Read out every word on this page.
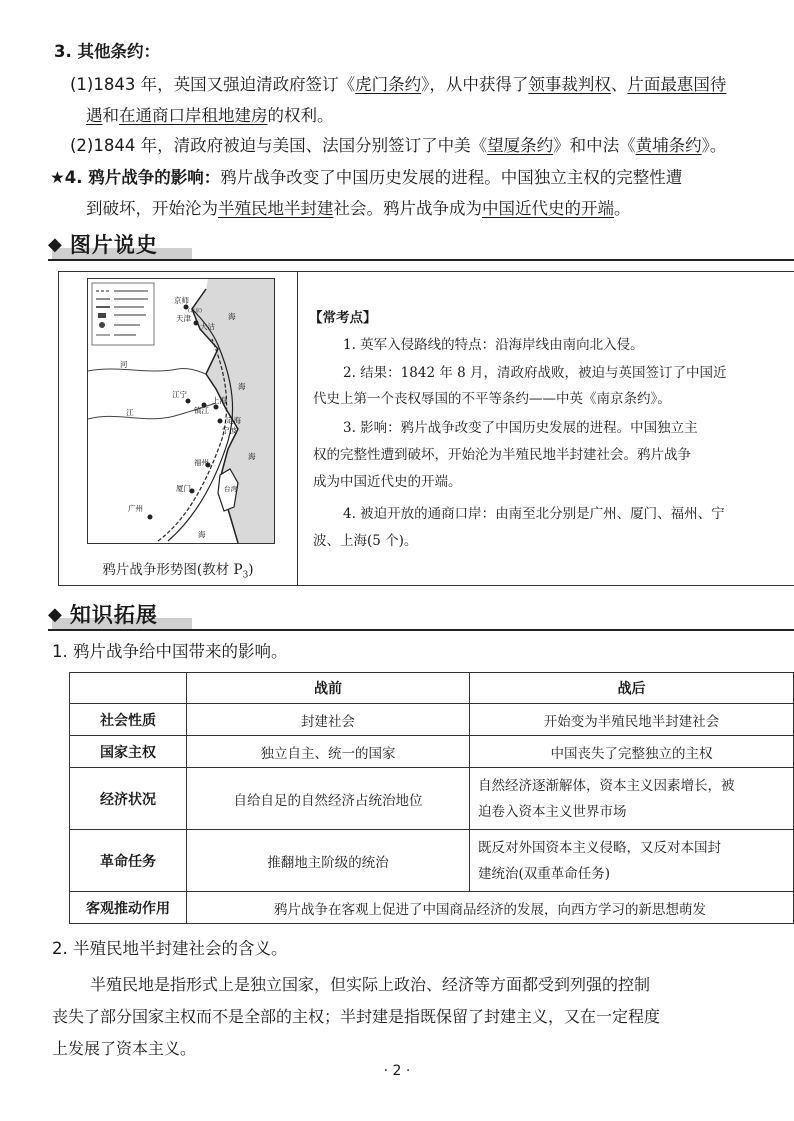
3. 其他条约：
(1)1843 年，英国又强迫清政府签订《虎门条约》，从中获得了领事裁判权、片面最惠国待
遇和在通商口岸租地建房的权利。
(2)1844 年，清政府被迫与美国、法国分别签订了中美《望厦条约》和中法《黄埔条约》。
★4. 鸦片战争的影响：鸦片战争改变了中国历史发展的进程。中国独立主权的完整性遭
到破坏，开始沦为半殖民地半封建社会。鸦片战争成为中国近代史的开端。
◆ 图片说史
京师
(北京)
天津
大沽
江宁
镇江
上海
定海
宁波
福州
厦门
广州
台湾
海
海
海
海
河
江
鸦片战争形势图(教材 $P_3$)
【常考点】
1. 英军入侵路线的特点：沿海岸线由南向北入侵。
2. 结果：1842 年 8 月，清政府战败，被迫与英国签订了中国近
代史上第一个丧权辱国的不平等条约——中英《南京条约》。
3. 影响：鸦片战争改变了中国历史发展的进程。中国独立主
权的完整性遭到破坏，开始沦为半殖民地半封建社会。鸦片战争
成为中国近代史的开端。
4. 被迫开放的通商口岸：由南至北分别是广州、厦门、福州、宁
波、上海(5 个)。
◆ 知识拓展
1. 鸦片战争给中国带来的影响。
	战前	战后
社会性质	封建社会	开始变为半殖民地半封建社会
国家主权	独立自主、统一的国家	中国丧失了完整独立的主权
经济状况	自给自足的自然经济占统治地位	自然经济逐渐解体，资本主义因素增长，被
迫卷入资本主义世界市场

革命任务	推翻地主阶级的统治	既反对外国资本主义侵略，又反对本国封
建统治(双重革命任务)

客观推动作用	鸦片战争在客观上促进了中国商品经济的发展，向西方学习的新思想萌发	
2. 半殖民地半封建社会的含义。
半殖民地是指形式上是独立国家，但实际上政治、经济等方面都受到列强的控制
丧失了部分国家主权而不是全部的主权；半封建是指既保留了封建主义，又在一定程度
上发展了资本主义。
· 2 ·
